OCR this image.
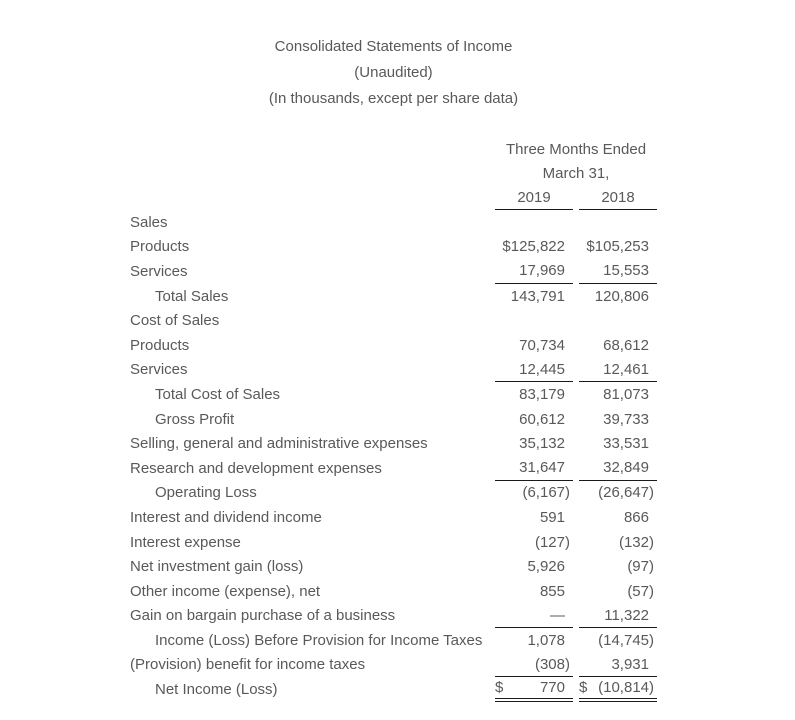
Consolidated Statements of Income
(Unaudited)
(In thousands, except per share data)
Three Months Ended
March 31,
2019	2018
Sales
Products	$125,822	$105,253
Services	17,969	15,553
Total Sales	143,791	120,806
Cost of Sales
Products	70,734	68,612
Services	12,445	12,461
Total Cost of Sales	83,179	81,073
Gross Profit	60,612	39,733
Selling, general and administrative expenses	35,132	33,531
Research and development expenses	31,647	32,849
Operating Loss	(6,167) (26,647)
Interest and dividend income	591	866
Interest expense	(127)	(132)
Net investment gain (loss)	5,926	(97)
Other income (expense), net	855	(57)
Gain on bargain purchase of a business	—	11,322
Income (Loss) Before Provision for Income Taxes	1,078	(14,745)
(Provision) benefit for income taxes	(308)	3,931
Net Income (Loss)	$ 770 $ (10,814)
